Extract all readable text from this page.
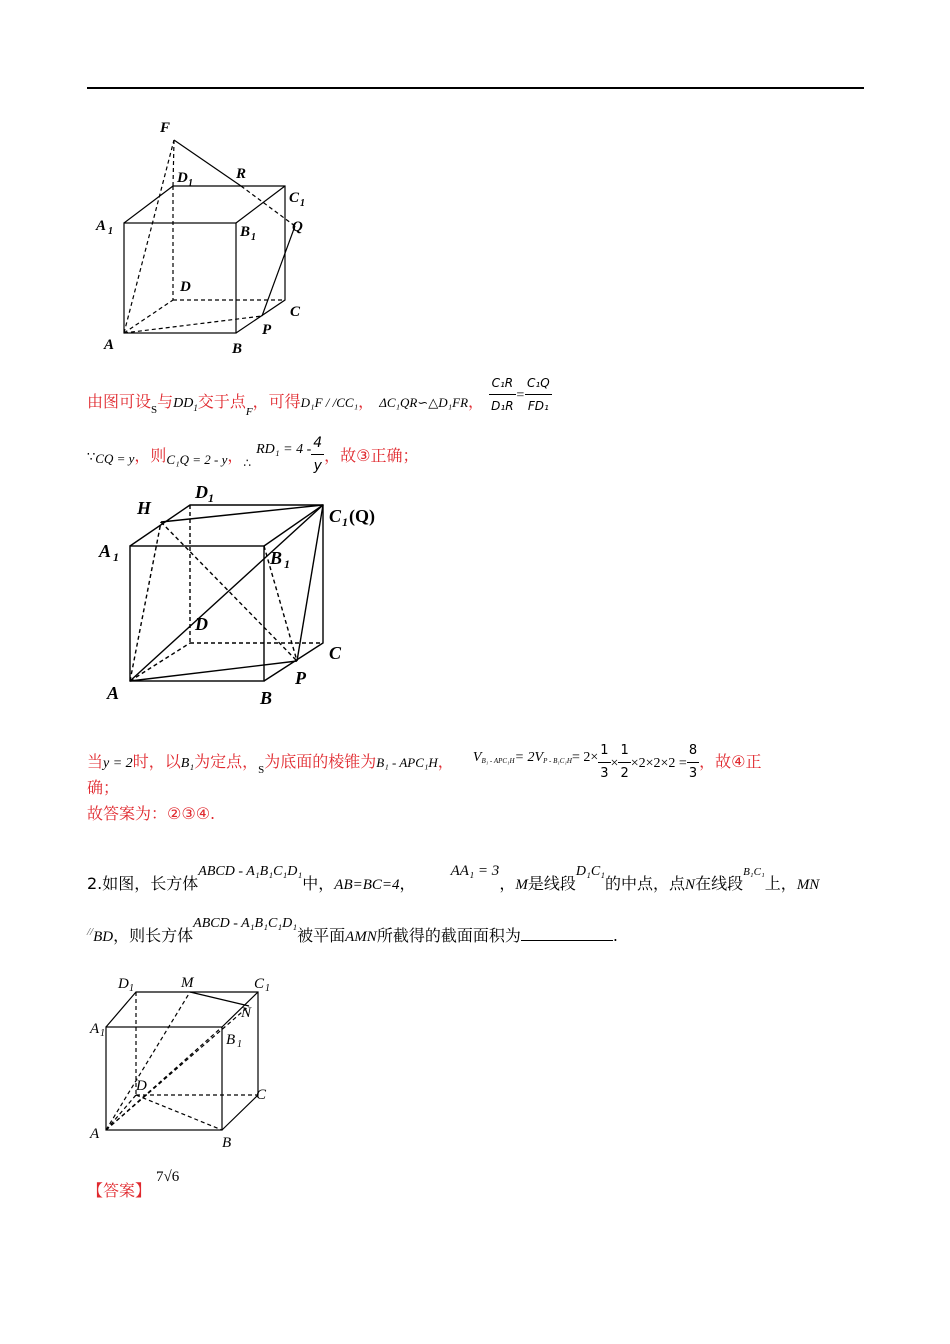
F
R
D 1
C 1
A 1	B 1
Q
D
C
A	B
P
由图可设$_S$与$DD_1$交于点$_F$，可得D₁F / /CC₁， ΔC₁QR∽△D₁FR， $\frac{\text{C₁R}}{\text{D₁R}} = \frac{\text{C₁Q}}{\text{FD₁}}$
∵CQ = y，则C₁Q = 2 - y，$_\therefore$ $RD_1 = 4 - \frac{4}{y}$ ，故③正确；
H
D 1
C 1 (Q)
A 1	B 1
D
C
A	B
P
当y = 2时，以B₁为定点，$_S$为底面的棱锥为B₁ - APC₁H， $V^{B_1 - APC_1H}= 2V^{P - B_1C_1H}= 2\times \frac{1}{3} \times \frac{1}{2} \times 2\times 2\times 2 = \frac{8}{3}$ ，故④正
确；
故答案为：②③④.
2.如图，长方体ABCD - A₁B₁C₁D₁中，AB=BC=4， AA₁ = 3，M是线段D₁C₁的中点，点N在线段$^{B_1C_1}$上，MN
//BD，则长方体ABCD - A₁B₁C₁D₁被平面AMN所截得的截面面积为	.
D 1	M	C 1
A 1
N
B 1
D
C
A
B
【答案】
7√6
